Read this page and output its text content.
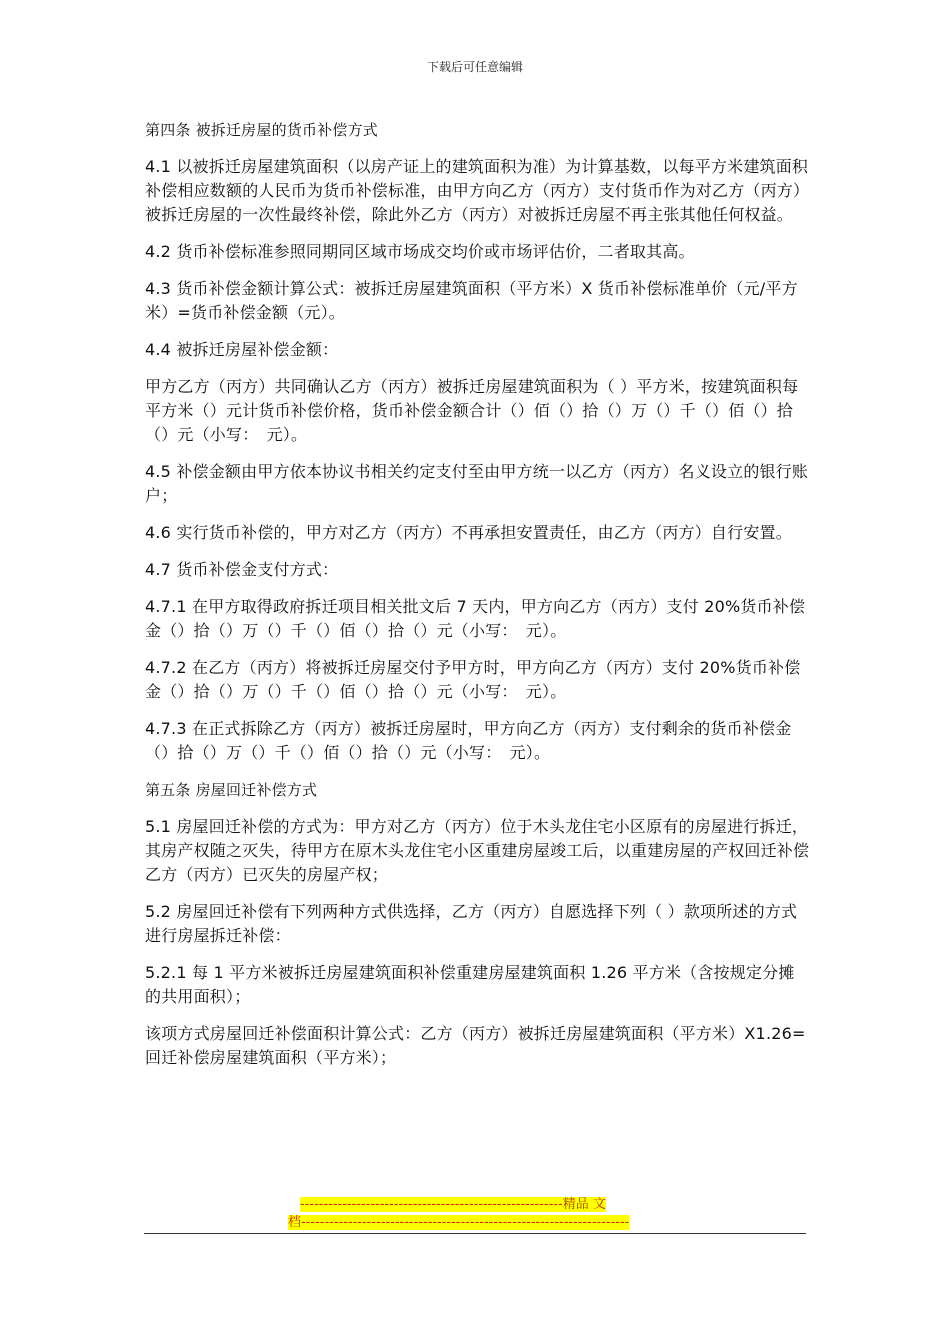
下载后可任意编辑

第四条 被拆迁房屋的货币补偿方式

4.1 以被拆迁房屋建筑面积（以房产证上的建筑面积为准）为计算基数，以每平方米建筑面积补偿相应数额的人民币为货币补偿标准，由甲方向乙方（丙方）支付货币作为对乙方（丙方）被拆迁房屋的一次性最终补偿，除此外乙方（丙方）对被拆迁房屋不再主张其他任何权益。

4.2 货币补偿标准参照同期同区域市场成交均价或市场评估价，二者取其高。

4.3 货币补偿金额计算公式：被拆迁房屋建筑面积（平方米）X 货币补偿标准单价（元/平方米）=货币补偿金额（元）。

4.4 被拆迁房屋补偿金额：

甲方乙方（丙方）共同确认乙方（丙方）被拆迁房屋建筑面积为（ ）平方米，按建筑面积每平方米（）元计货币补偿价格，货币补偿金额合计（）佰（）拾（）万（）千（）佰（）拾（）元（小写：　元）。

4.5 补偿金额由甲方依本协议书相关约定支付至由甲方统一以乙方（丙方）名义设立的银行账户；

4.6 实行货币补偿的，甲方对乙方（丙方）不再承担安置责任，由乙方（丙方）自行安置。

4.7 货币补偿金支付方式：

4.7.1 在甲方取得政府拆迁项目相关批文后 7 天内，甲方向乙方（丙方）支付 20%货币补偿金（）拾（）万（）千（）佰（）拾（）元（小写：　元）。

4.7.2 在乙方（丙方）将被拆迁房屋交付予甲方时，甲方向乙方（丙方）支付 20%货币补偿金（）拾（）万（）千（）佰（）拾（）元（小写：　元）。

4.7.3 在正式拆除乙方（丙方）被拆迁房屋时，甲方向乙方（丙方）支付剩余的货币补偿金（）拾（）万（）千（）佰（）拾（）元（小写：　元）。

第五条 房屋回迁补偿方式

5.1 房屋回迁补偿的方式为：甲方对乙方（丙方）位于木头龙住宅小区原有的房屋进行拆迁，其房产权随之灭失，待甲方在原木头龙住宅小区重建房屋竣工后，以重建房屋的产权回迁补偿乙方（丙方）已灭失的房屋产权；

5.2 房屋回迁补偿有下列两种方式供选择，乙方（丙方）自愿选择下列（ ）款项所述的方式进行房屋拆迁补偿：

5.2.1 每 1 平方米被拆迁房屋建筑面积补偿重建房屋建筑面积 1.26 平方米（含按规定分摊的共用面积）；

该项方式房屋回迁补偿面积计算公式：乙方（丙方）被拆迁房屋建筑面积（平方米）X1.26=回迁补偿房屋建筑面积（平方米）；

--------------------------------------------------------精品 文
档----------------------------------------------------------------------
